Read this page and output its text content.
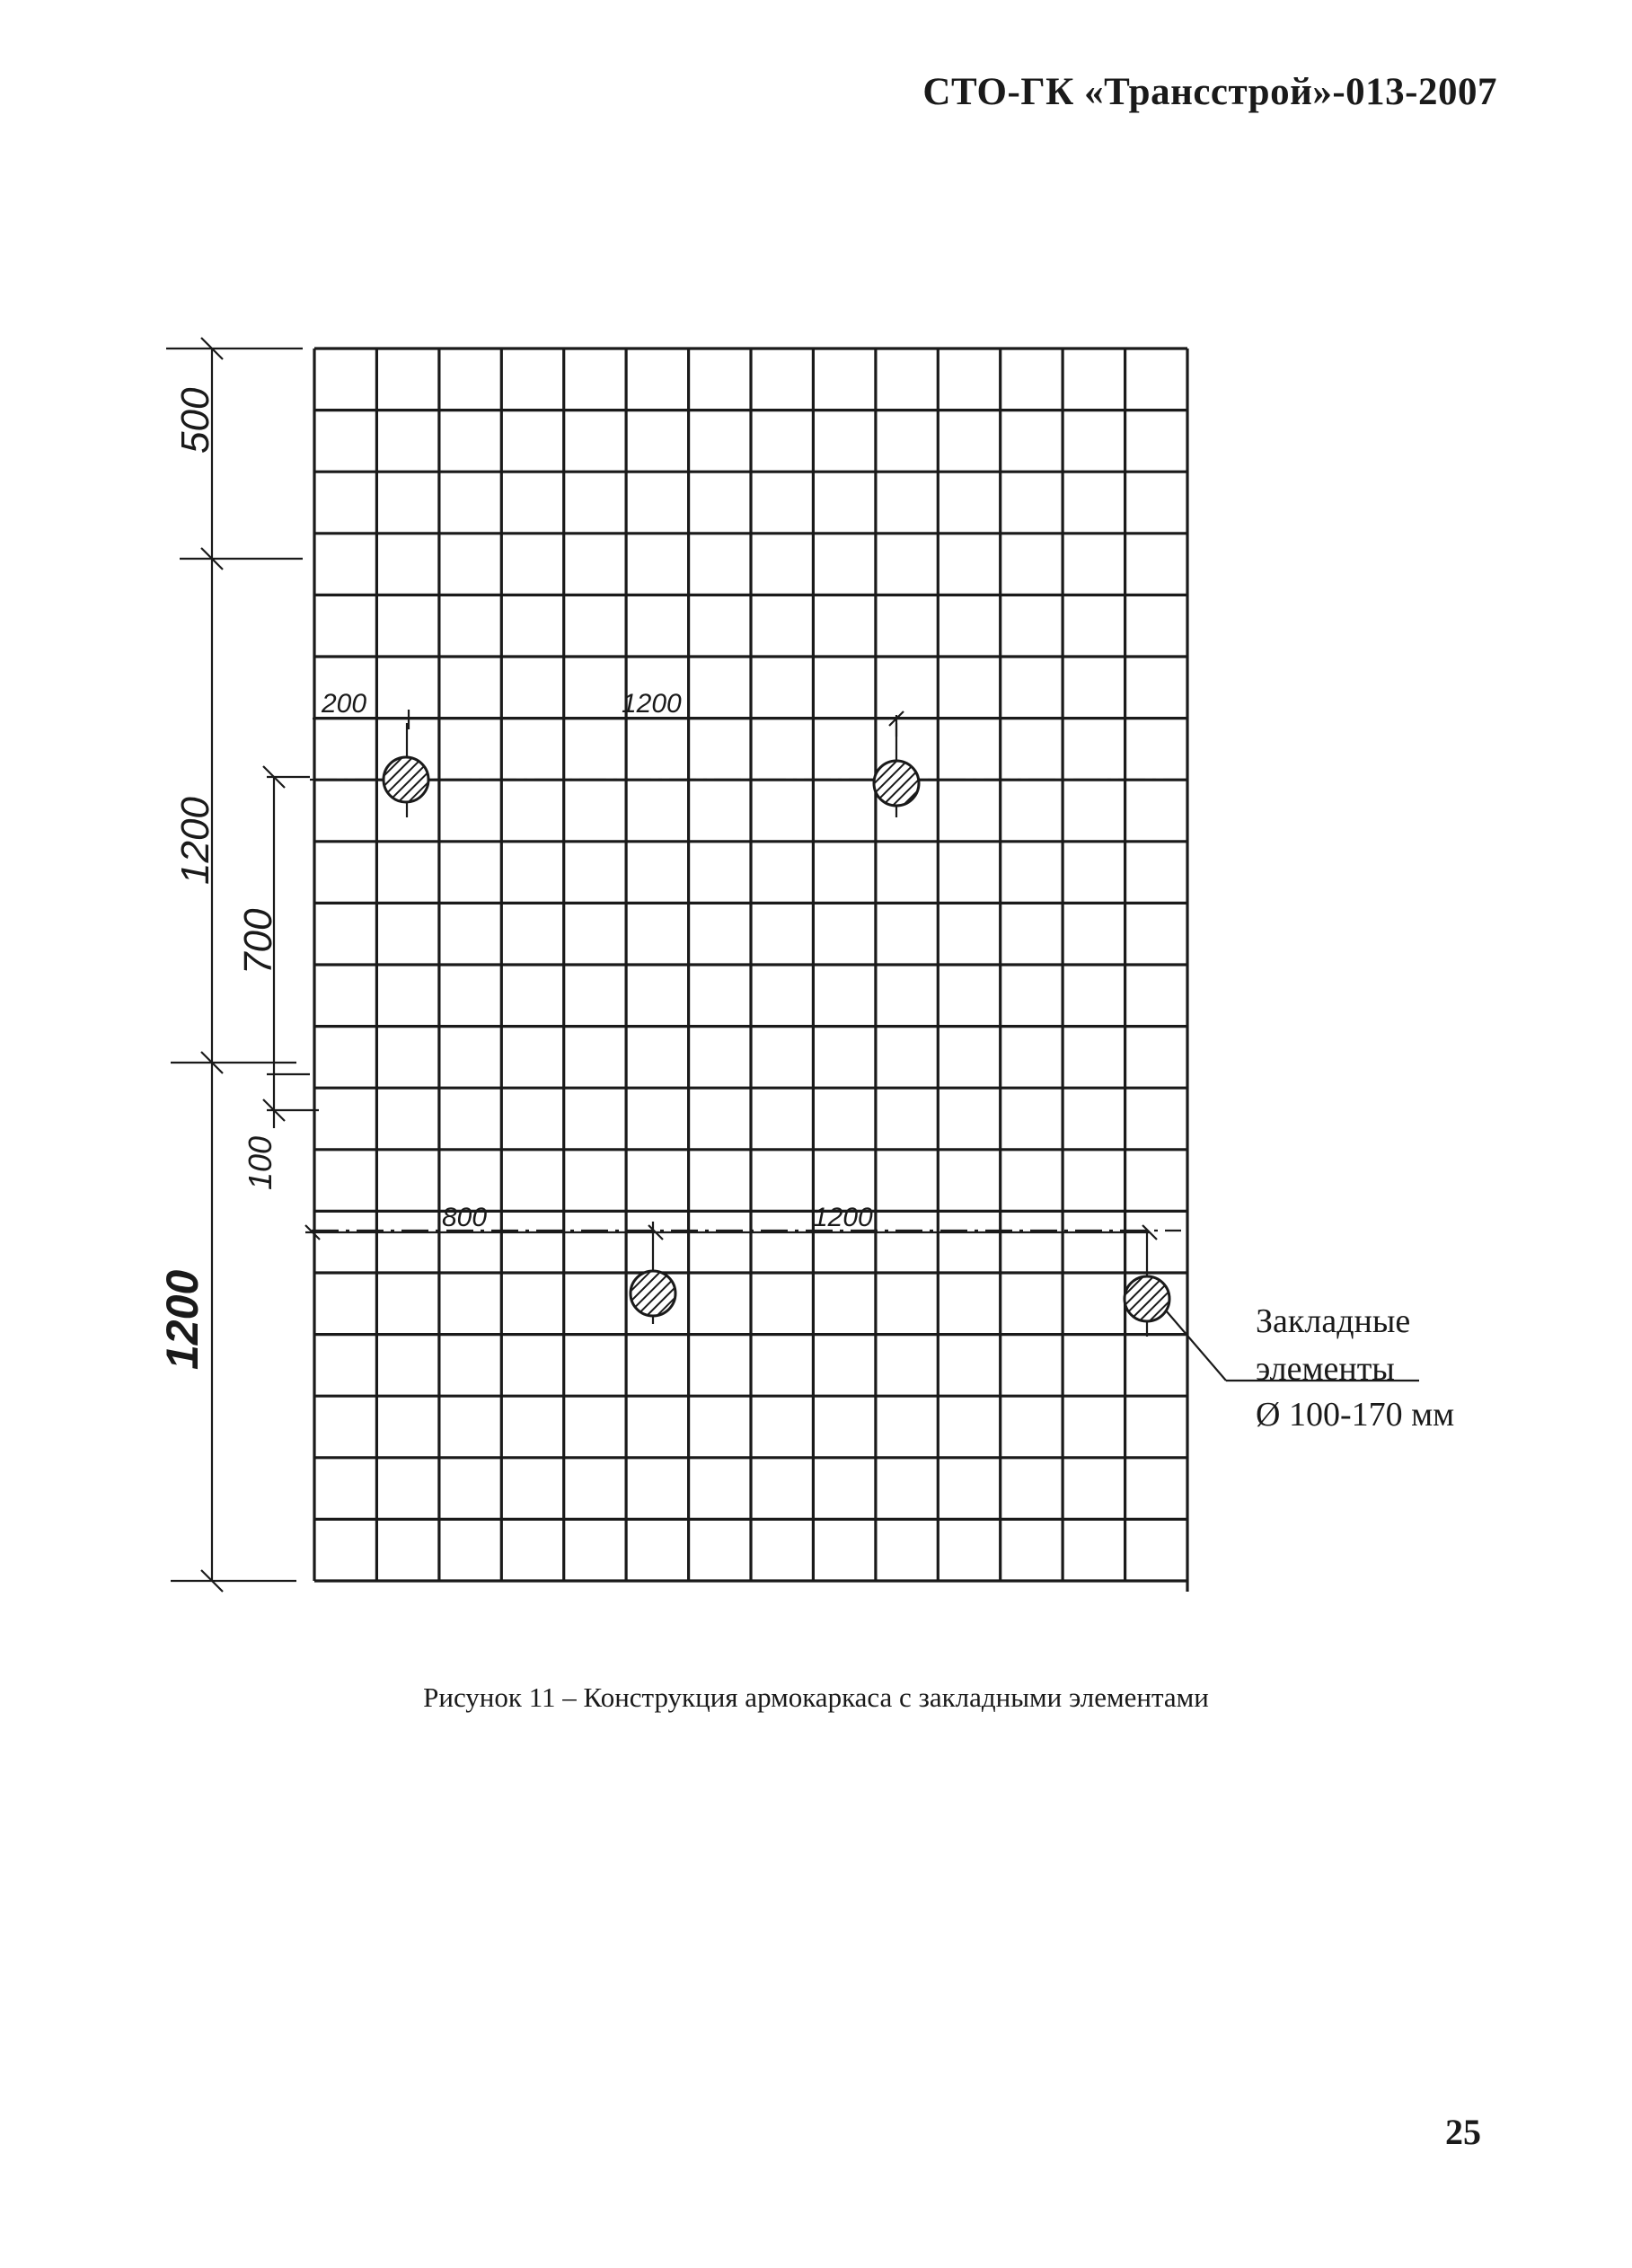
СТО-ГК «Трансстрой»-013-2007
500
1200
1200
700
100
200	1200
800	1200
Закладные
элементы
Ø 100-170 мм
Рисунок 11 – Конструкция армокаркаса с закладными элементами
25
